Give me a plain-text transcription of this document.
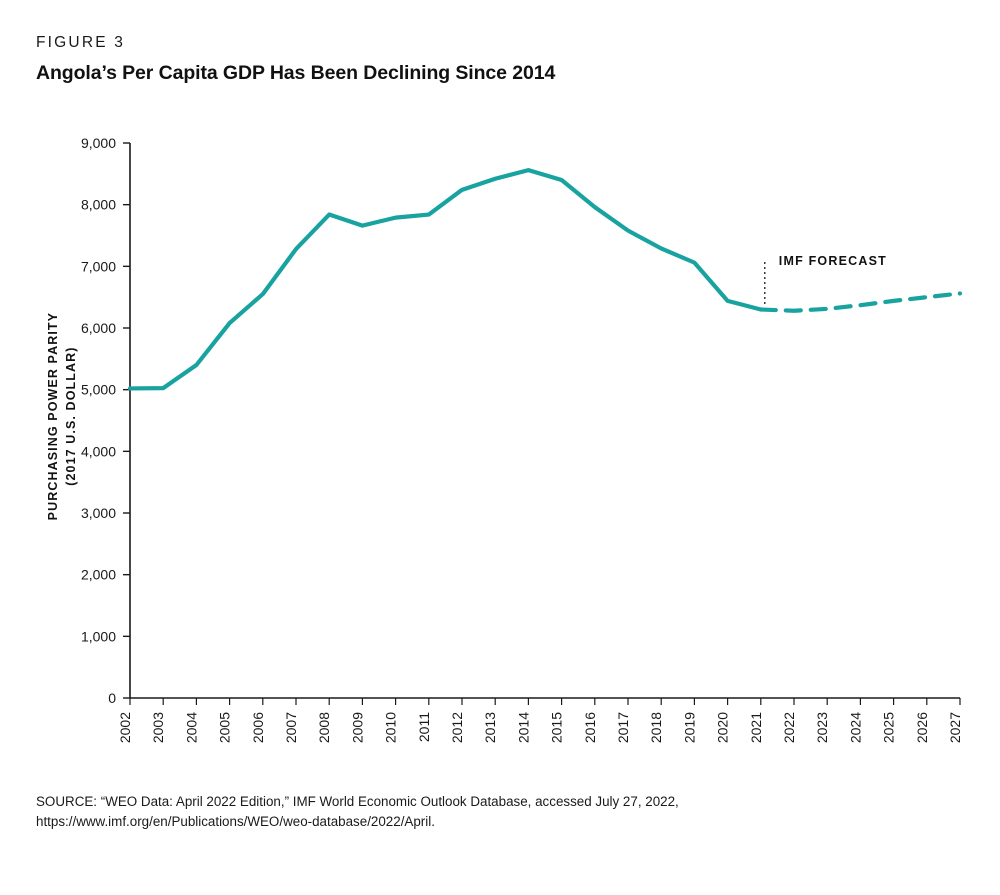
FIGURE 3
Angola’s Per Capita GDP Has Been Declining Since 2014
PURCHASING POWER PARITY (2017 U.S. DOLLAR)
0
1,000
2,000
3,000
4,000
5,000
6,000
7,000
8,000
9,000
2002 2003 2004 2005 2006 2007 2008 2009 2010 2011 2012 2013 2014 2015 2016 2017 2018 2019 2020 2021 2022 2023 2024 2025 2026 2027
IMF FORECAST
SOURCE: “WEO Data: April 2022 Edition,” IMF World Economic Outlook Database, accessed July 27, 2022,
https://www.imf.org/en/Publications/WEO/weo-database/2022/April.
